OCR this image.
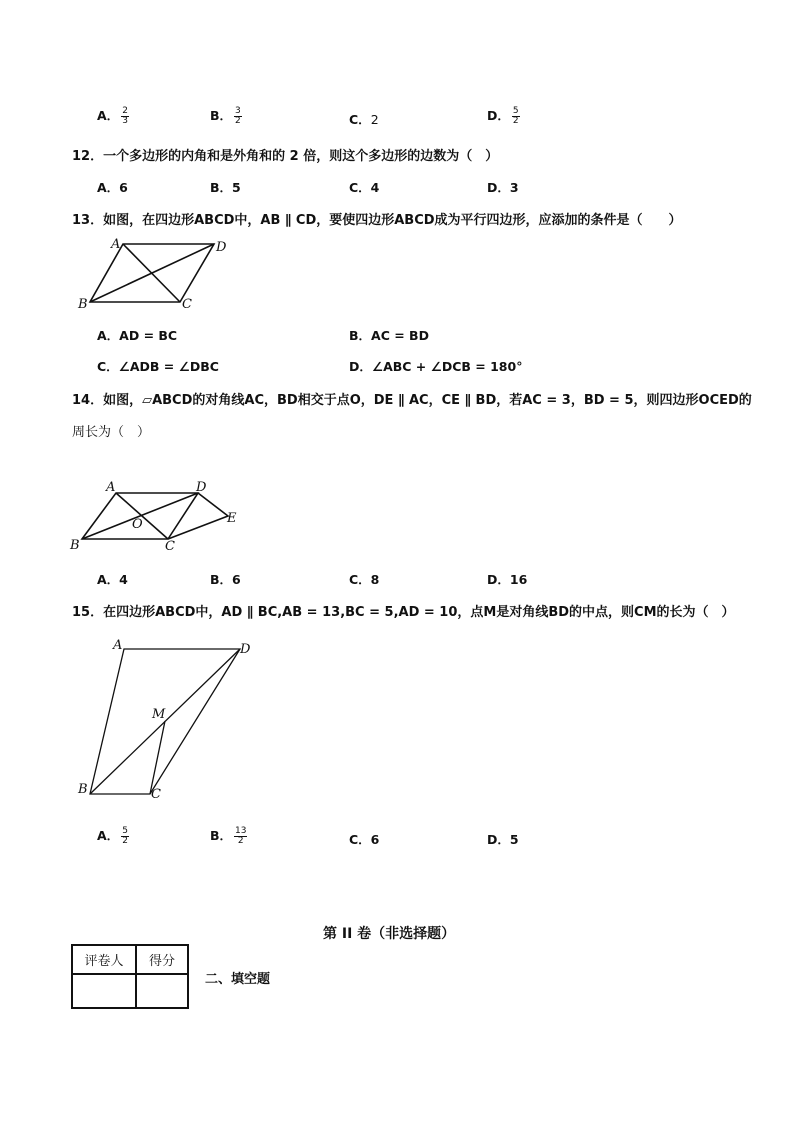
A． $\frac{2}{3}$	B． $\frac{3}{2}$	C．2	D． $\frac{5}{2}$
12．一个多边形的内角和是外角和的 2 倍，则这个多边形的边数为（　）
A．6	B．5	C．4	D．3
13．如图，在四边形ABCD中，AB ∥ CD，要使四边形ABCD成为平行四边形，应添加的条件是（　　）
A	D
B	C
A．AD = BC	B．AC = BD
C．∠ADB = ∠DBC	D．∠ABC + ∠DCB = 180°
14．如图，▱ABCD的对角线AC，BD相交于点O，DE ∥ AC，CE ∥ BD，若AC = 3，BD = 5，则四边形OCED的
周长为（　）
A	D
E
O
B	C
A．4	B．6	C．8	D．16
15．在四边形ABCD中，AD ∥ BC,AB = 13,BC = 5,AD = 10，点M是对角线BD的中点，则CM的长为（　）
A	D
M
B	C
A． $\frac{5}{2}$	B． $\frac{13}{2}$	C．6	D．5
第 II 卷（非选择题）
评卷人	得分

二、填空题
